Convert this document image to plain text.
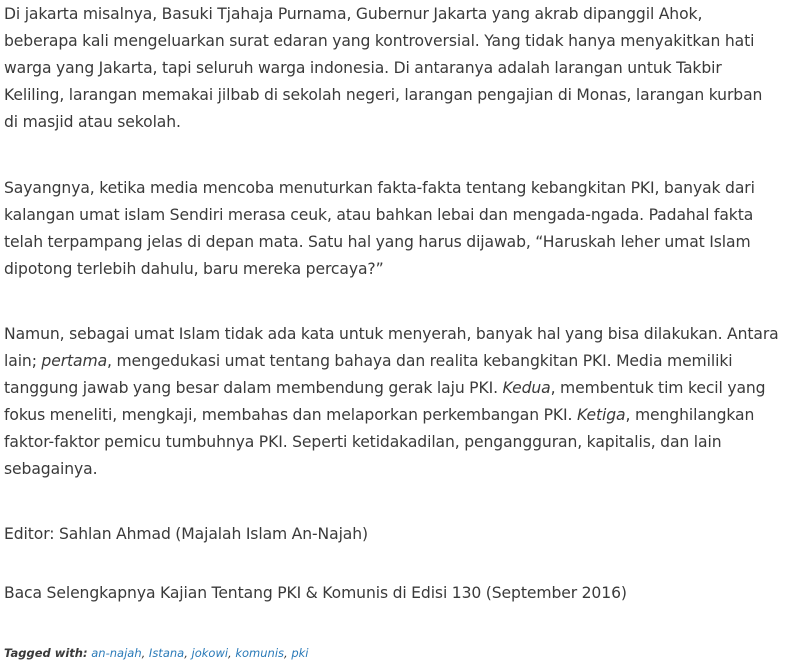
Di jakarta misalnya, Basuki Tjahaja Purnama, Gubernur Jakarta yang akrab dipanggil Ahok,
beberapa kali mengeluarkan surat edaran yang kontroversial. Yang tidak hanya menyakitkan hati
warga yang Jakarta, tapi seluruh warga indonesia. Di antaranya adalah larangan untuk Takbir
Keliling, larangan memakai jilbab di sekolah negeri, larangan pengajian di Monas, larangan kurban
di masjid atau sekolah.

Sayangnya, ketika media mencoba menuturkan fakta-fakta tentang kebangkitan PKI, banyak dari
kalangan umat islam Sendiri merasa ceuk, atau bahkan lebai dan mengada-ngada. Padahal fakta
telah terpampang jelas di depan mata. Satu hal yang harus dijawab, “Haruskah leher umat Islam
dipotong terlebih dahulu, baru mereka percaya?”

Namun, sebagai umat Islam tidak ada kata untuk menyerah, banyak hal yang bisa dilakukan. Antara
lain; pertama, mengedukasi umat tentang bahaya dan realita kebangkitan PKI. Media memiliki
tanggung jawab yang besar dalam membendung gerak laju PKI. Kedua, membentuk tim kecil yang
fokus meneliti, mengkaji, membahas dan melaporkan perkembangan PKI. Ketiga, menghilangkan
faktor-faktor pemicu tumbuhnya PKI. Seperti ketidakadilan, pengangguran, kapitalis, dan lain
sebagainya.

Editor: Sahlan Ahmad (Majalah Islam An-Najah)

Baca Selengkapnya Kajian Tentang PKI & Komunis di Edisi 130 (September 2016)

Tagged with: an-najah, Istana, jokowi, komunis, pki
